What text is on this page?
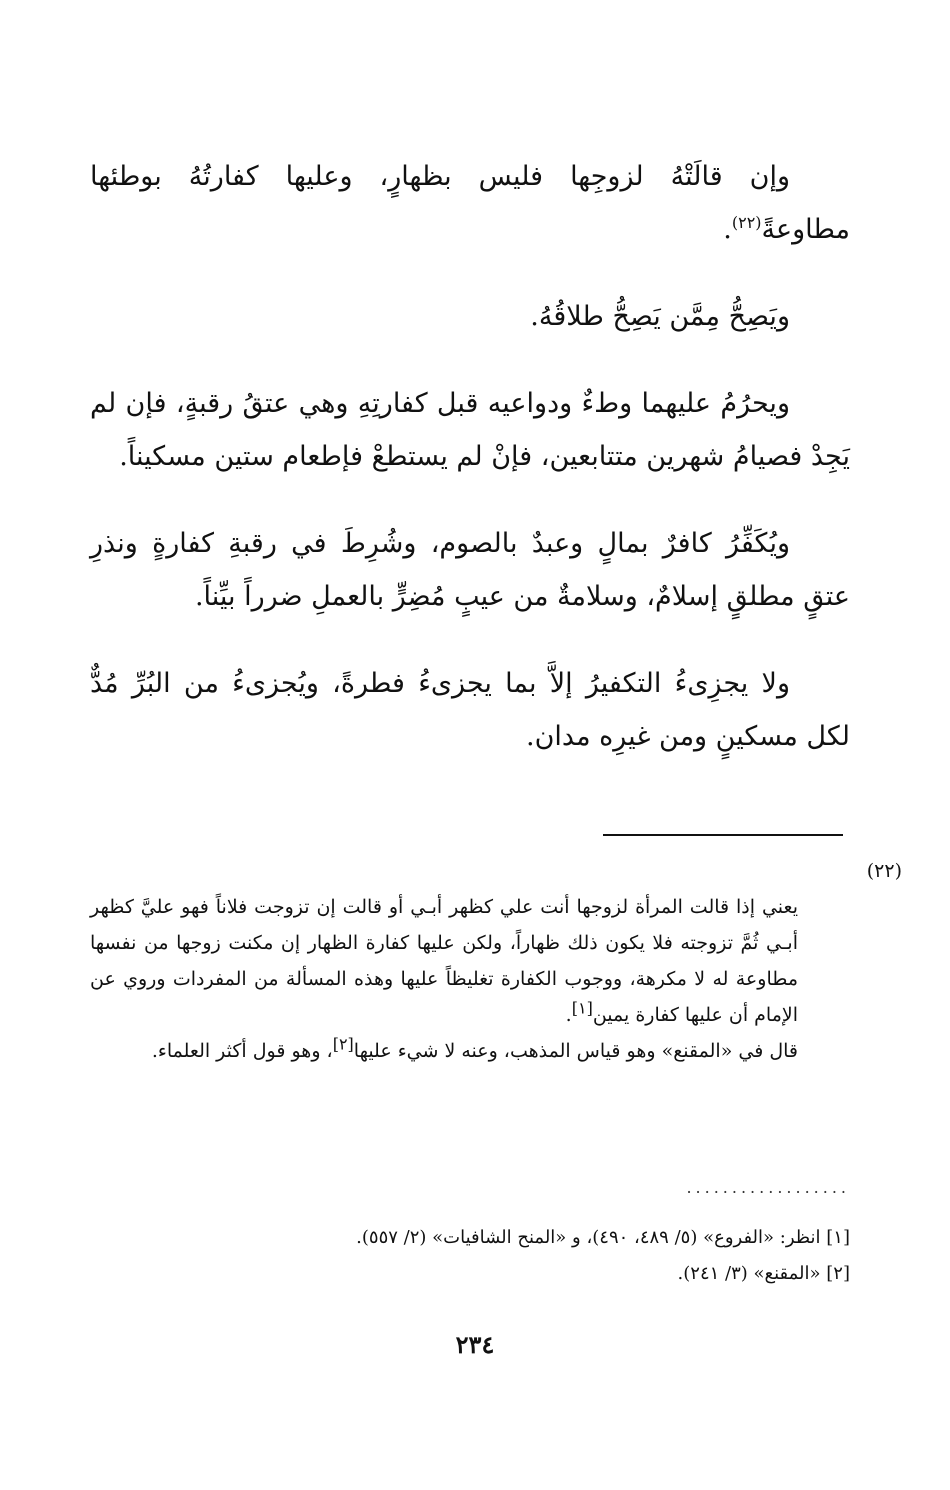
وإن قالَتْهُ لزوجِها فليس بظهارٍ، وعليها كفارتُهُ بوطئها مطاوعةً$^{(٢٢)}$.

ويَصِحُّ مِمَّن يَصِحُّ طلاقُهُ.

ويحرُمُ عليهما وطءٌ ودواعيه قبل كفارتِهِ وهي عتقُ رقبةٍ، فإن لم يَجِدْ فصيامُ شهرين متتابعين، فإنْ لم يستطعْ فإطعام ستين مسكيناً.

ويُكَفِّرُ كافرٌ بمالٍ وعبدٌ بالصوم، وشُرِطَ في رقبةِ كفارةٍ ونذرِ عتقٍ مطلقٍ إسلامٌ، وسلامةٌ من عيبٍ مُضِرٍّ بالعملِ ضرراً بيِّناً.

ولا يجزِىءُ التكفيرُ إلاَّ بما يجزىءُ فطرةً، ويُجزىءُ من البُرِّ مُدٌّ لكل مسكينٍ ومن غيرِه مدان.

(٢٢)

يعني إذا قالت المرأة لزوجها أنت علي كظهر أبـي أو قالت إن تزوجت فلاناً فهو عليَّ كظهر أبـي ثُمَّ تزوجته فلا يكون ذلك ظهاراً، ولكن عليها كفارة الظهار إن مكنت زوجها من نفسها مطاوعة له لا مكرهة، ووجوب الكفارة تغليظاً عليها وهذه المسألة من المفردات وروي عن الإمام أن عليها كفارة يمين[١].

قال في «المقنع» وهو قياس المذهب، وعنه لا شيء عليها[٢]، وهو قول أكثر العلماء.

..................

[١] انظر: «الفروع» (٥/ ٤٨٩، ٤٩٠)، و «المنح الشافيات» (٢/ ٥٥٧).

[٢] «المقنع» (٣/ ٢٤١).

٢٣٤
